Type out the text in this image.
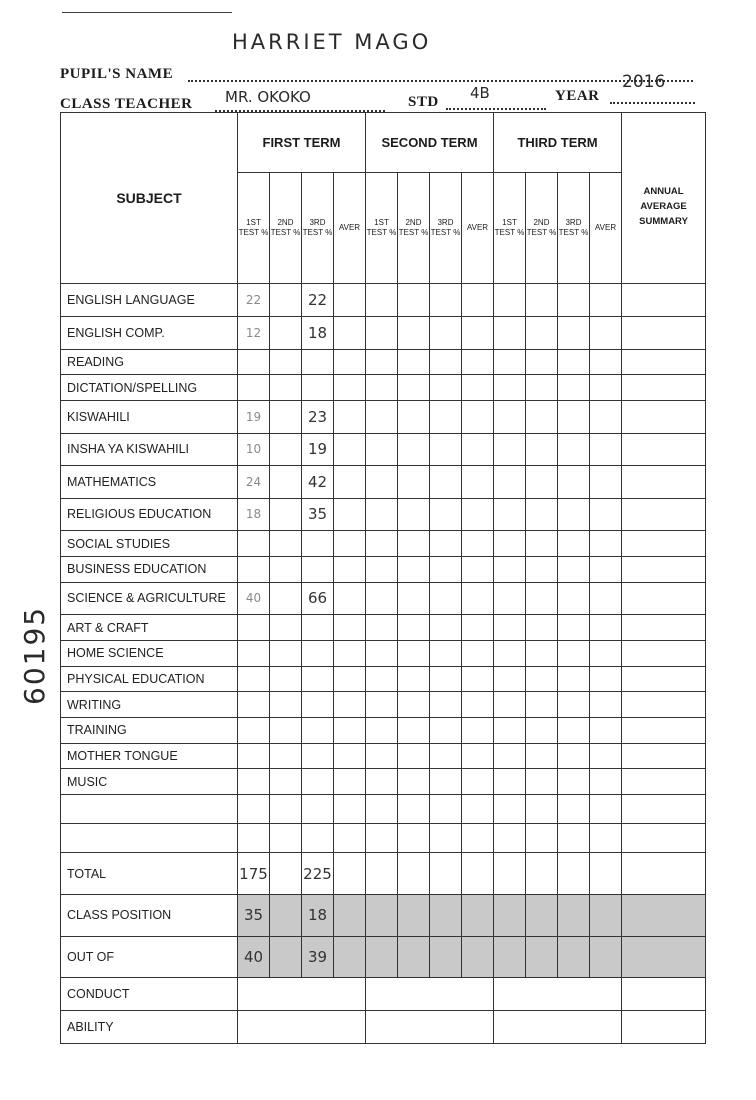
HARRIET MAGO
PUPIL'S NAME
CLASS TEACHER MR. OKOKO	STD 4B	YEAR
2016
60195
SUBJECT	FIRST TERM				SECOND TERM				THIRD TERM				ANNUAL AVERAGE SUMMARY
	1ST TEST %	2ND TEST %	3RD TEST %	AVER	1ST TEST %	2ND TEST %	3RD TEST %	AVER	1ST TEST %	2ND TEST %	3RD TEST %	AVER	
ENGLISH LANGUAGE	22		22										
ENGLISH COMP.	12		18										
READING													
DICTATION/SPELLING													
KISWAHILI	19		23										
INSHA YA KISWAHILI	10		19										
MATHEMATICS	24		42										
RELIGIOUS EDUCATION	18		35										
SOCIAL STUDIES													
BUSINESS EDUCATION													
SCIENCE & AGRICULTURE	40		66										
ART & CRAFT													
HOME SCIENCE													
PHYSICAL EDUCATION													
WRITING													
TRAINING													
MOTHER TONGUE													
MUSIC													

TOTAL	175		225										
CLASS POSITION	35		18										
OUT OF	40		39										
CONDUCT													
ABILITY													
